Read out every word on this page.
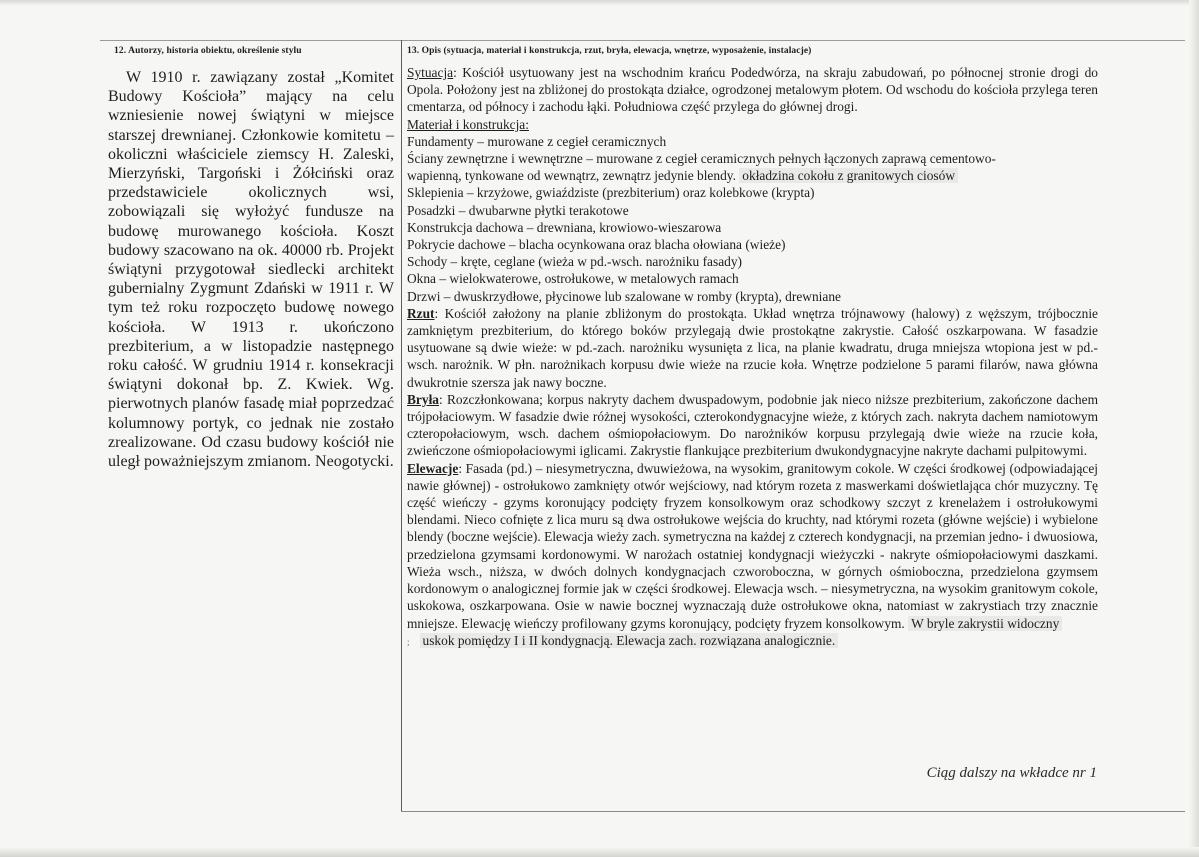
12. Autorzy, historia obiektu, określenie stylu

W 1910 r. zawiązany został „Komitet Budowy Kościoła” mający na celu wzniesienie nowej świątyni w miejsce starszej drewnianej. Członkowie komitetu – okoliczni właściciele ziemscy H. Zaleski, Mierzyński, Targoński i Żółciński oraz przedstawiciele okolicznych wsi, zobowiązali się wyłożyć fundusze na budowę murowanego kościoła. Koszt budowy szacowano na ok. 40000 rb. Projekt świątyni przygotował siedlecki architekt gubernialny Zygmunt Zdański w 1911 r. W tym też roku rozpoczęto budowę nowego kościoła. W 1913 r. ukończono prezbiterium, a w listopadzie następnego roku całość. W grudniu 1914 r. konsekracji świątyni dokonał bp. Z. Kwiek. Wg. pierwotnych planów fasadę miał poprzedzać kolumnowy portyk, co jednak nie zostało zrealizowane. Od czasu budowy kościół nie uległ poważniejszym zmianom. Neogotycki.

13. Opis (sytuacja, materiał i konstrukcja, rzut, bryła, elewacja, wnętrze, wyposażenie, instalacje)

Sytuacja: Kościół usytuowany jest na wschodnim krańcu Podedwórza, na skraju zabudowań, po północnej stronie drogi do Opola. Położony jest na zbliżonej do prostokąta działce, ogrodzonej metalowym płotem. Od wschodu do kościoła przylega teren cmentarza, od północy i zachodu łąki. Południowa część przylega do głównej drogi.

Materiał i konstrukcja:

Fundamenty – murowane z cegieł ceramicznych

Ściany zewnętrzne i wewnętrzne – murowane z cegieł ceramicznych pełnych łączonych zaprawą cementowo-

wapienną, tynkowane od wewnątrz, zewnątrz jedynie blendy. okładzina cokołu z granitowych ciosów

Sklepienia – krzyżowe, gwiaździste (prezbiterium) oraz kolebkowe (krypta)

Posadzki – dwubarwne płytki terakotowe

Konstrukcja dachowa – drewniana, krowiowo-wieszarowa

Pokrycie dachowe – blacha ocynkowana oraz blacha ołowiana (wieże)

Schody – kręte, ceglane (wieża w pd.-wsch. narożniku fasady)

Okna – wielokwaterowe, ostrołukowe, w metalowych ramach

Drzwi – dwuskrzydłowe, płycinowe lub szalowane w romby (krypta), drewniane

Rzut: Kościół założony na planie zbliżonym do prostokąta. Układ wnętrza trójnawowy (halowy) z węższym, trójbocznie zamkniętym prezbiterium, do którego boków przylegają dwie prostokątne zakrystie. Całość oszkarpowana. W fasadzie usytuowane są dwie wieże: w pd.-zach. narożniku wysunięta z lica, na planie kwadratu, druga mniejsza wtopiona jest w pd.-wsch. narożnik. W płn. narożnikach korpusu dwie wieże na rzucie koła. Wnętrze podzielone 5 parami filarów, nawa główna dwukrotnie szersza jak nawy boczne.

Bryła: Rozczłonkowana; korpus nakryty dachem dwuspadowym, podobnie jak nieco niższe prezbiterium, zakończone dachem trójpołaciowym. W fasadzie dwie różnej wysokości, czterokondygnacyjne wieże, z których zach. nakryta dachem namiotowym czteropołaciowym, wsch. dachem ośmiopołaciowym. Do narożników korpusu przylegają dwie wieże na rzucie koła, zwieńczone ośmiopołaciowymi iglicami. Zakrystie flankujące prezbiterium dwukondygnacyjne nakryte dachami pulpitowymi.

Elewacje: Fasada (pd.) – niesymetryczna, dwuwieżowa, na wysokim, granitowym cokole. W części środkowej (odpowiadającej nawie głównej) - ostrołukowo zamknięty otwór wejściowy, nad którym rozeta z maswerkami doświetlająca chór muzyczny. Tę część wieńczy - gzyms koronujący podcięty fryzem konsolkowym oraz schodkowy szczyt z krenelażem i ostrołukowymi blendami. Nieco cofnięte z lica muru są dwa ostrołukowe wejścia do kruchty, nad którymi rozeta (główne wejście) i wybielone blendy (boczne wejście). Elewacja wieży zach. symetryczna na każdej z czterech kondygnacji, na przemian jedno- i dwuosiowa, przedzielona gzymsami kordonowymi. W narożach ostatniej kondygnacji wieżyczki - nakryte ośmiopołaciowymi daszkami. Wieża wsch., niższa, w dwóch dolnych kondygnacjach czworoboczna, w górnych ośmioboczna, przedzielona gzymsem kordonowym o analogicznej formie jak w części środkowej. Elewacja wsch. – niesymetryczna, na wysokim granitowym cokole, uskokowa, oszkarpowana. Osie w nawie bocznej wyznaczają duże ostrołukowe okna, natomiast w zakrystiach trzy znacznie mniejsze. Elewację wieńczy profilowany gzyms koronujący, podcięty fryzem konsolkowym. W bryle zakrystii widoczny

; uskok pomiędzy I i II kondygnacją. Elewacja zach. rozwiązana analogicznie.

Ciąg dalszy na wkładce nr 1
